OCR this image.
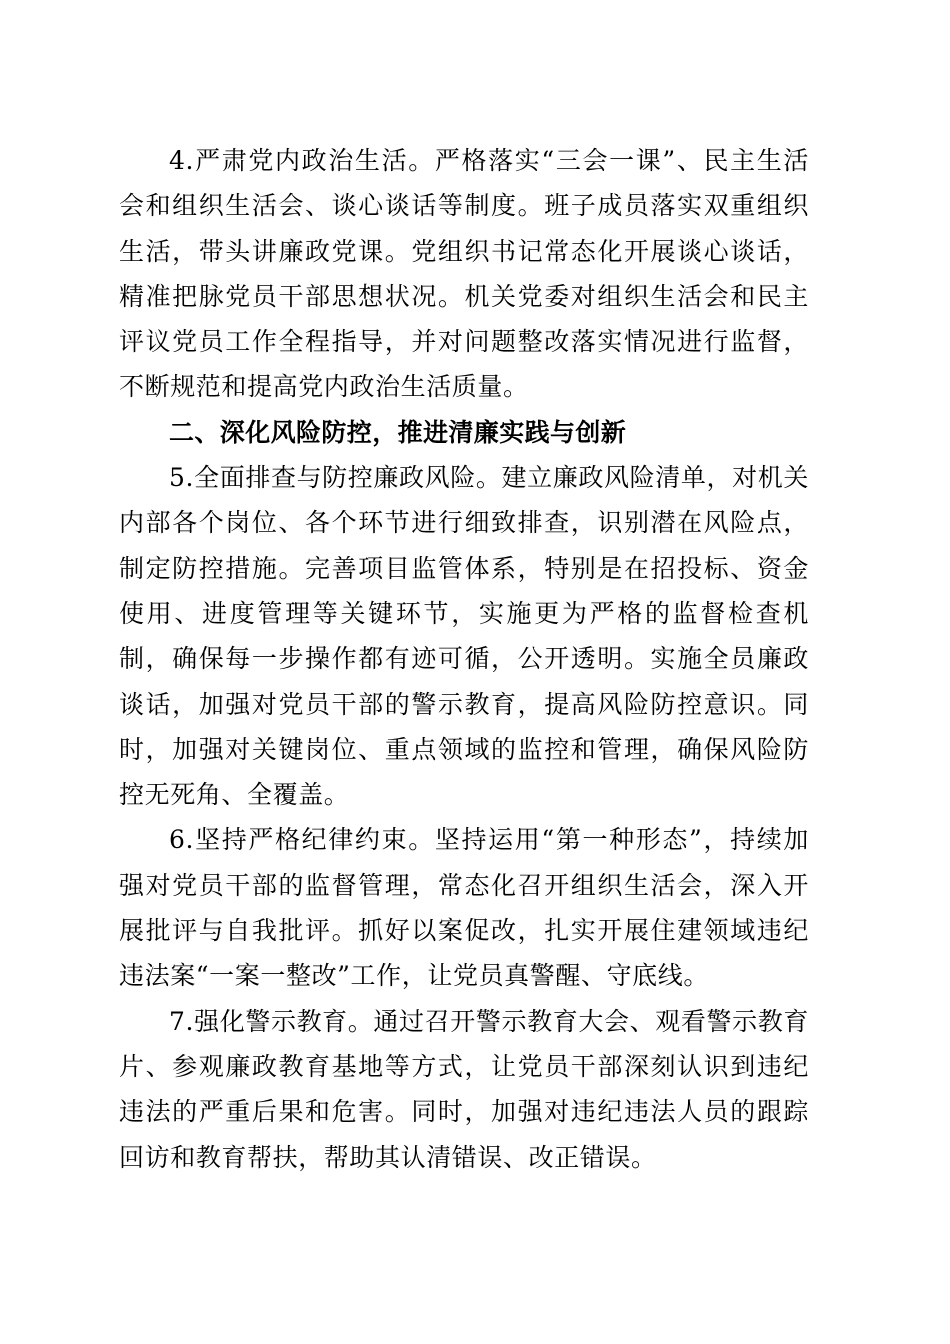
4.严肃党内政治生活。严格落实“三会一课”、民主生活会和组织生活会、谈心谈话等制度。班子成员落实双重组织生活，带头讲廉政党课。党组织书记常态化开展谈心谈话，精准把脉党员干部思想状况。机关党委对组织生活会和民主评议党员工作全程指导，并对问题整改落实情况进行监督，不断规范和提高党内政治生活质量。

二、深化风险防控，推进清廉实践与创新

5.全面排查与防控廉政风险。建立廉政风险清单，对机关内部各个岗位、各个环节进行细致排查，识别潜在风险点，制定防控措施。完善项目监管体系，特别是在招投标、资金使用、进度管理等关键环节，实施更为严格的监督检查机制，确保每一步操作都有迹可循，公开透明。实施全员廉政谈话，加强对党员干部的警示教育，提高风险防控意识。同时，加强对关键岗位、重点领域的监控和管理，确保风险防控无死角、全覆盖。

6.坚持严格纪律约束。坚持运用“第一种形态”，持续加强对党员干部的监督管理，常态化召开组织生活会，深入开展批评与自我批评。抓好以案促改，扎实开展住建领域违纪违法案“一案一整改”工作，让党员真警醒、守底线。

7.强化警示教育。通过召开警示教育大会、观看警示教育片、参观廉政教育基地等方式，让党员干部深刻认识到违纪违法的严重后果和危害。同时，加强对违纪违法人员的跟踪回访和教育帮扶，帮助其认清错误、改正错误。
